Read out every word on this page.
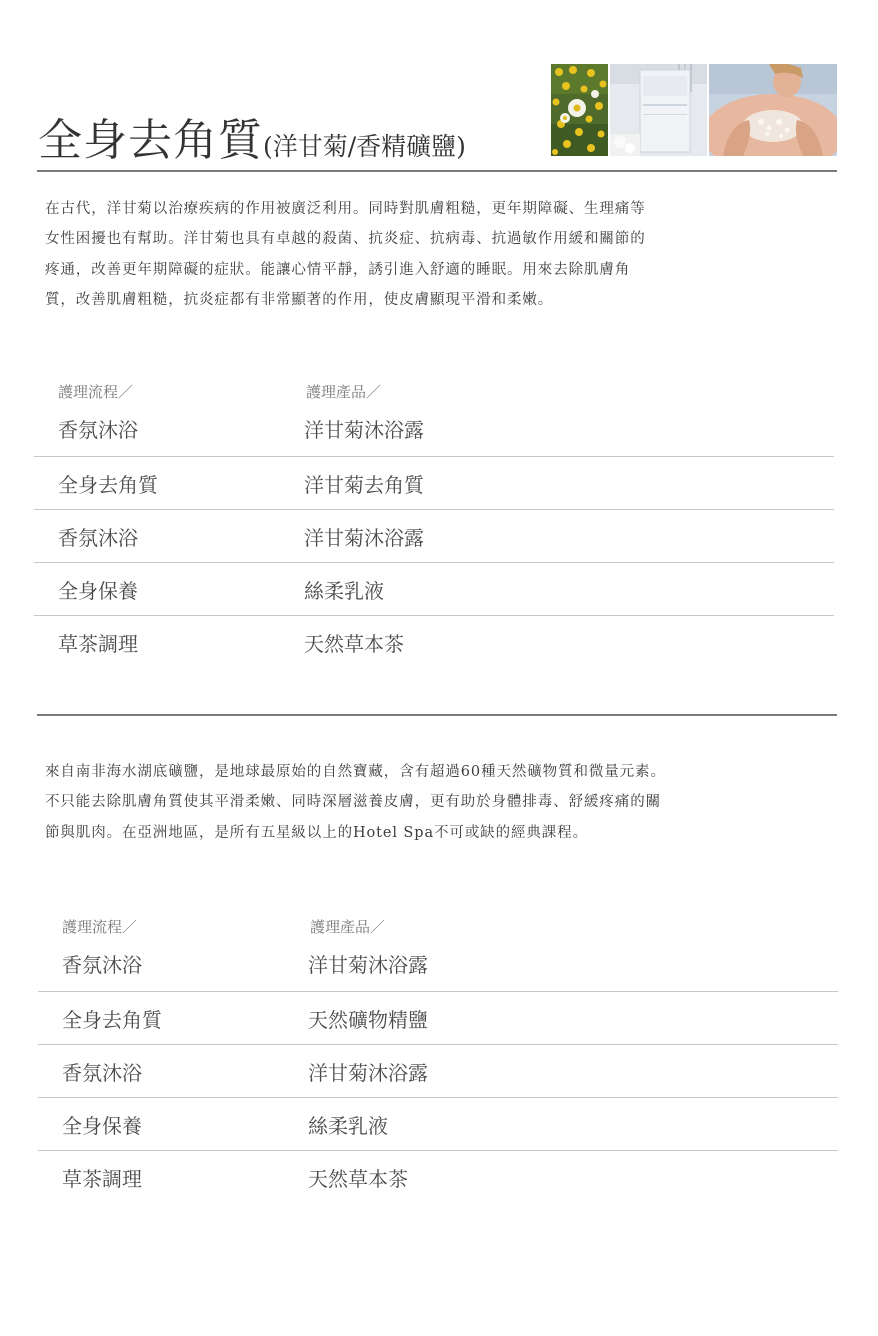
全身去角質(洋甘菊/香精礦鹽)

在古代，洋甘菊以治療疾病的作用被廣泛利用。同時對肌膚粗糙，更年期障礙、生理痛等

女性困擾也有幫助。洋甘菊也具有卓越的殺菌、抗炎症、抗病毒、抗過敏作用緩和關節的

疼通，改善更年期障礙的症狀。能讓心情平靜，誘引進入舒適的睡眠。用來去除肌膚角

質，改善肌膚粗糙，抗炎症都有非常顯著的作用，使皮膚顯現平滑和柔嫩。

護理流程／	護理產品／
香氛沐浴	洋甘菊沐浴露
全身去角質	洋甘菊去角質
香氛沐浴	洋甘菊沐浴露
全身保養	絲柔乳液
草茶調理	天然草本茶

來自南非海水湖底礦鹽，是地球最原始的自然寶藏，含有超過60種天然礦物質和微量元素。

不只能去除肌膚角質使其平滑柔嫩、同時深層滋養皮膚，更有助於身體排毒、舒緩疼痛的關

節與肌肉。在亞洲地區，是所有五星級以上的Hotel Spa不可或缺的經典課程。

護理流程／	護理產品／
香氛沐浴	洋甘菊沐浴露
全身去角質	天然礦物精鹽
香氛沐浴	洋甘菊沐浴露
全身保養	絲柔乳液
草茶調理	天然草本茶
